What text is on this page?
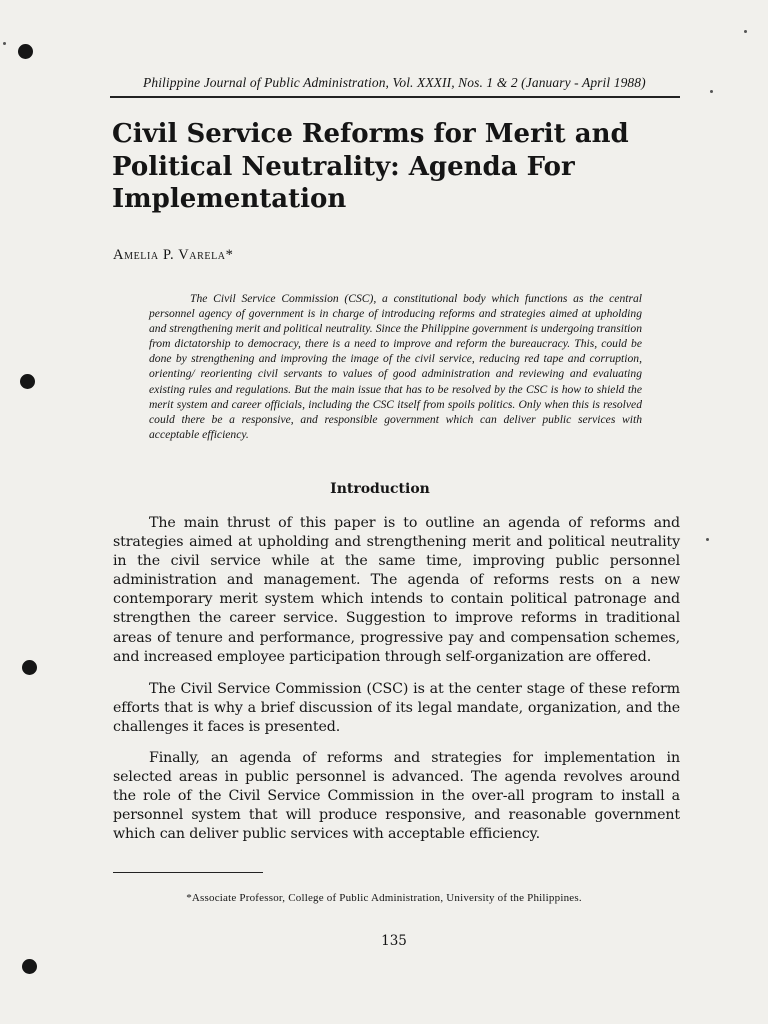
Philippine Journal of Public Administration, Vol. XXXII, Nos. 1 & 2 (January - April 1988)
Civil Service Reforms for Merit and Political Neutrality: Agenda For Implementation
Amelia P. Varela*

The Civil Service Commission (CSC), a constitutional body which functions as the central personnel agency of government is in charge of introducing reforms and strategies aimed at upholding and strengthening merit and political neutrality. Since the Philippine government is undergoing transition from dictatorship to democracy, there is a need to improve and reform the bureaucracy. This, could be done by strengthening and improving the image of the civil service, reducing red tape and corruption, orienting/ reorienting civil servants to values of good administration and reviewing and evaluating existing rules and regulations. But the main issue that has to be resolved by the CSC is how to shield the merit system and career officials, including the CSC itself from spoils politics. Only when this is resolved could there be a responsive, and responsible government which can deliver public services with acceptable efficiency.

Introduction

The main thrust of this paper is to outline an agenda of reforms and strategies aimed at upholding and strengthening merit and political neutrality in the civil service while at the same time, improving public personnel administration and management. The agenda of reforms rests on a new contemporary merit system which intends to contain political patronage and strengthen the career service. Suggestion to improve reforms in traditional areas of tenure and performance, progressive pay and compensation schemes, and increased employee participation through self-organization are offered.

The Civil Service Commission (CSC) is at the center stage of these reform efforts that is why a brief discussion of its legal mandate, organization, and the challenges it faces is presented.

Finally, an agenda of reforms and strategies for implementation in selected areas in public personnel is advanced. The agenda revolves around the role of the Civil Service Commission in the over-all program to install a personnel system that will produce responsive, and reasonable government which can deliver public services with acceptable efficiency.

*Associate Professor, College of Public Administration, University of the Philippines.
135
